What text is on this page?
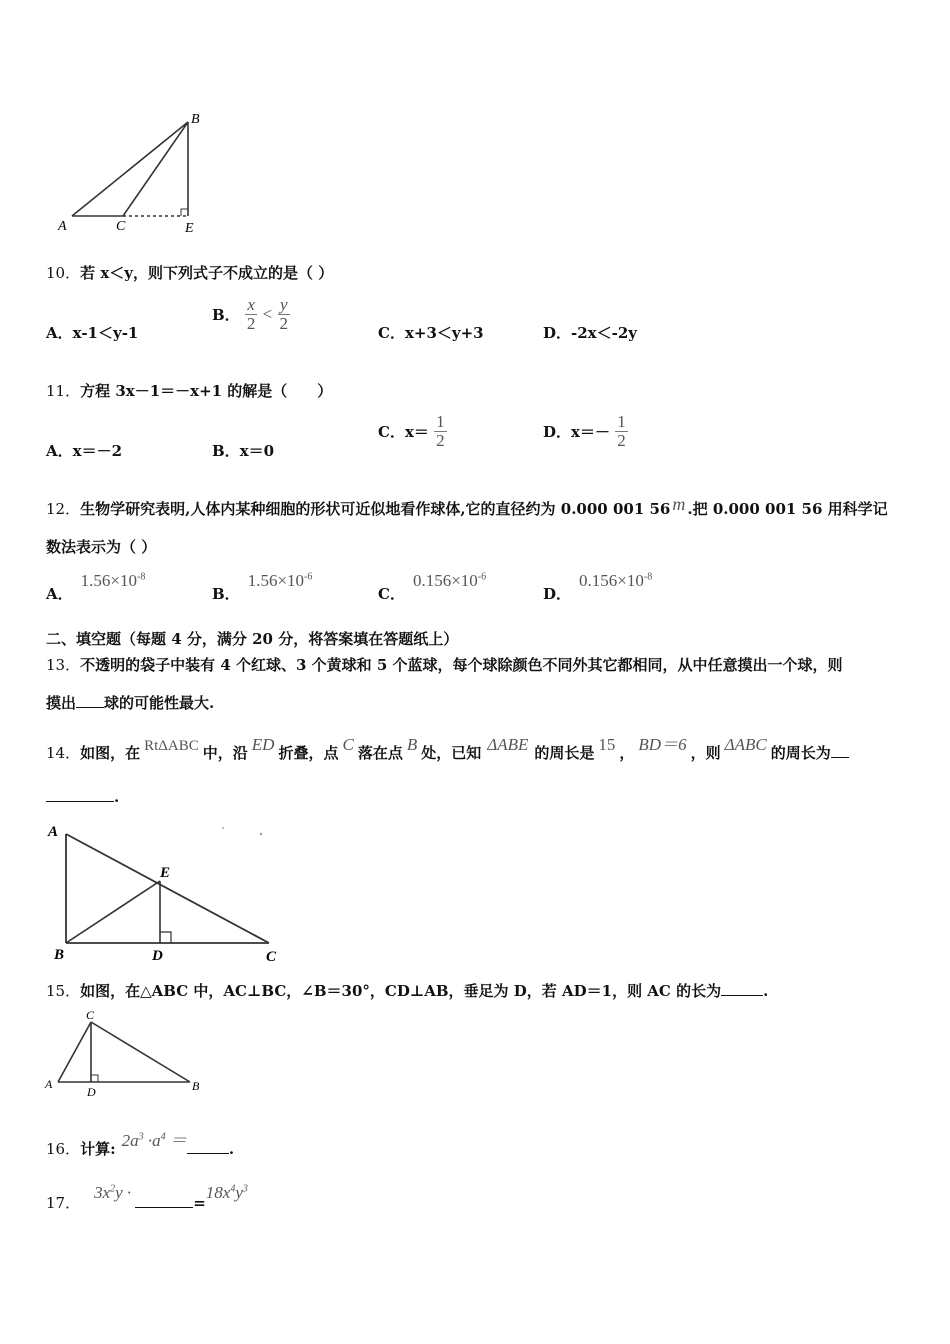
B
A	C	E
10．若 x＜y，则下列式子不成立的是（ ）
A．x-1＜y-1
B． $\frac{x}{2} < \frac{y}{2}$
C．x+3＜y+3	D．-2x＜-2y
11．方程 3x－1＝－x+1 的解是（　　）
A．x＝－2	B．x＝0
C．$x= \frac{1}{2}$	D．$x=- \frac{1}{2}$
12．生物学研究表明,人体内某种细胞的形状可近似地看作球体,它的直径约为 0.000 001 56 m .把 0.000 001 56 用科学记
数法表示为（ ）
A．$1.56\times 10^{-8}$
B．$1.56\times 10^{-6}$
C．$0.156\times 10^{-6}$
D．$0.156\times 10^{-8}$
二、填空题（每题 4 分，满分 20 分，将答案填在答题纸上）
13．不透明的袋子中装有 4 个红球、3 个黄球和 5 个蓝球，每个球除颜色不同外其它都相同，从中任意摸出一个球，则
摸出 球的可能性最大.
14．如图，在 RtΔABC 中，沿 ED 折叠，点 C 落在点 B 处，已知 ΔABE 的周长是 15 ， BD＝6 ，则 ΔABC 的周长为
.
A
E
B	D	C
15．如图，在△ABC 中，AC⊥BC，∠B＝30°，CD⊥AB，垂足为 D，若 AD＝1，则 AC 的长为	.
C
A
D	B
16．计算: $2a^3 \cdot a^4$ ＝	.
17．$3x^2y \cdot=18x^4y^3$
